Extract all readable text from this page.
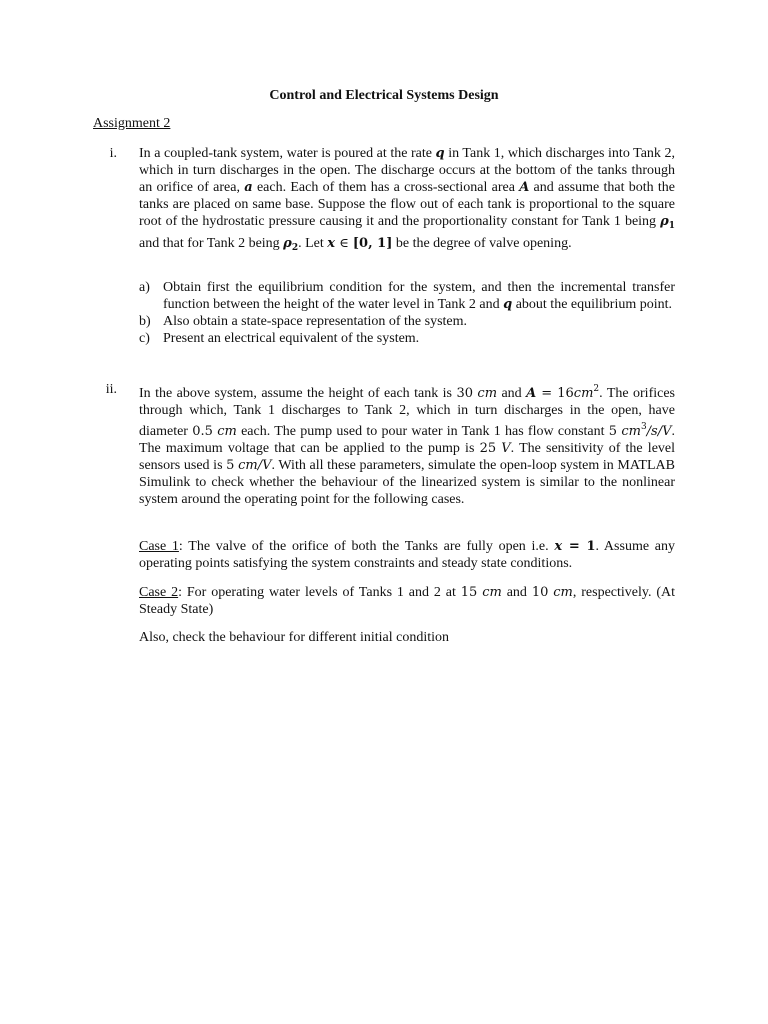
Control and Electrical Systems Design
Assignment 2
i. In a coupled-tank system, water is poured at the rate q in Tank 1, which discharges into Tank 2, which in turn discharges in the open. The discharge occurs at the bottom of the tanks through an orifice of area, a each. Each of them has a cross-sectional area A and assume that both the tanks are placed on same base. Suppose the flow out of each tank is proportional to the square root of the hydrostatic pressure causing it and the proportionality constant for Tank 1 being $\rho_1$ and that for Tank 2 being $\rho_2$. Let x ∈ [0, 1] be the degree of valve opening.
a) Obtain first the equilibrium condition for the system, and then the incremental transfer function between the height of the water level in Tank 2 and q about the equilibrium point.
b) Also obtain a state-space representation of the system.
c) Present an electrical equivalent of the system.
ii. In the above system, assume the height of each tank is 30 cm and $A = 16cm^2$. The orifices through which, Tank 1 discharges to Tank 2, which in turn discharges in the open, have diameter 0.5 cm each. The pump used to pour water in Tank 1 has flow constant 5 $cm^3/s/V$. The maximum voltage that can be applied to the pump is 25 V. The sensitivity of the level sensors used is 5 cm/V. With all these parameters, simulate the open-loop system in MATLAB Simulink to check whether the behaviour of the linearized system is similar to the nonlinear system around the operating point for the following cases.
Case 1: The valve of the orifice of both the Tanks are fully open i.e. x = 1. Assume any operating points satisfying the system constraints and steady state conditions.
Case 2: For operating water levels of Tanks 1 and 2 at 15 cm and 10 cm, respectively. (At Steady State)
Also, check the behaviour for different initial condition
